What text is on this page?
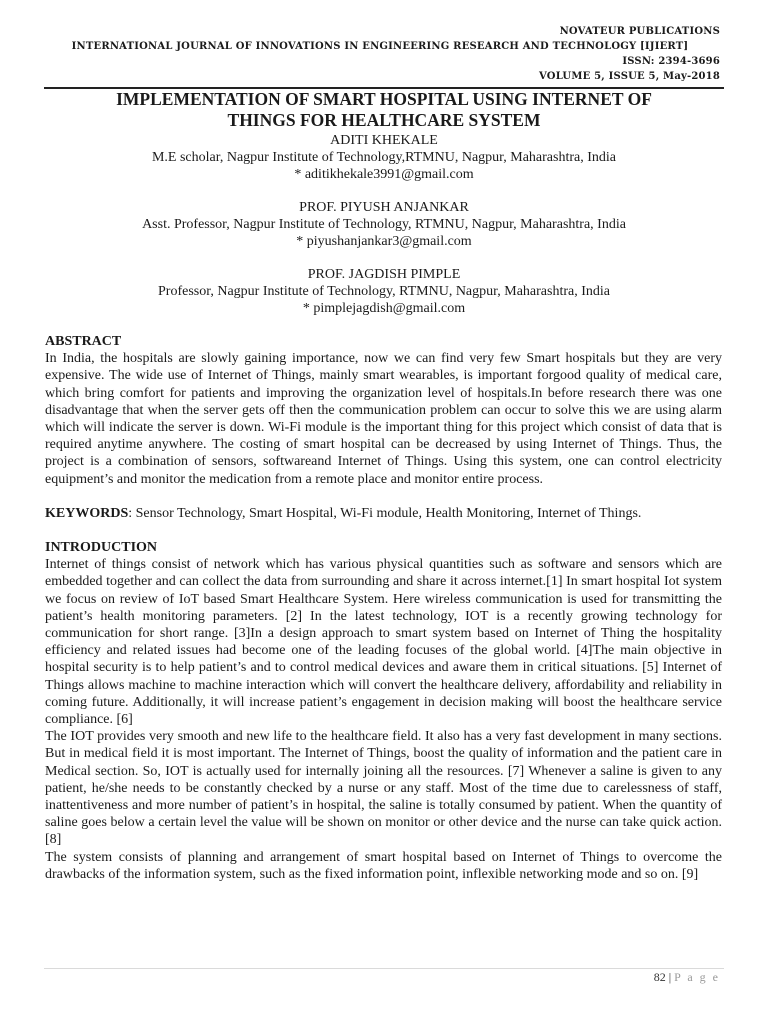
NOVATEUR PUBLICATIONS
INTERNATIONAL JOURNAL OF INNOVATIONS IN ENGINEERING RESEARCH AND TECHNOLOGY [IJIERT]
ISSN: 2394-3696
VOLUME 5, ISSUE 5, May-2018
IMPLEMENTATION OF SMART HOSPITAL USING INTERNET OF
THINGS FOR HEALTHCARE SYSTEM
ADITI KHEKALE
M.E scholar, Nagpur Institute of Technology,RTMNU, Nagpur, Maharashtra, India
* aditikhekale3991@gmail.com
PROF. PIYUSH ANJANKAR
Asst. Professor, Nagpur Institute of Technology, RTMNU, Nagpur, Maharashtra, India
* piyushanjankar3@gmail.com
PROF. JAGDISH PIMPLE
Professor, Nagpur Institute of Technology, RTMNU, Nagpur, Maharashtra, India
* pimplejagdish@gmail.com
ABSTRACT

In India, the hospitals are slowly gaining importance, now we can find very few Smart hospitals but they are very expensive. The wide use of Internet of Things, mainly smart wearables, is important forgood quality of medical care, which bring comfort for patients and improving the organization level of hospitals.In before research there was one disadvantage that when the server gets off then the communication problem can occur to solve this we are using alarm which will indicate the server is down. Wi-Fi module is the important thing for this project which consist of data that is required anytime anywhere. The costing of smart hospital can be decreased by using Internet of Things. Thus, the project is a combination of sensors, softwareand Internet of Things. Using this system, one can control electricity equipment’s and monitor the medication from a remote place and monitor entire process.

KEYWORDS: Sensor Technology, Smart Hospital, Wi-Fi module, Health Monitoring, Internet of Things.

INTRODUCTION

Internet of things consist of network which has various physical quantities such as software and sensors which are embedded together and can collect the data from surrounding and share it across internet.[1] In smart hospital Iot system we focus on review of IoT based Smart Healthcare System. Here wireless communication is used for transmitting the patient’s health monitoring parameters. [2] In the latest technology, IOT is a recently growing technology for communication for short range. [3]In a design approach to smart system based on Internet of Thing the hospitality efficiency and related issues had become one of the leading focuses of the global world. [4]The main objective in hospital security is to help patient’s and to control medical devices and aware them in critical situations. [5] Internet of Things allows machine to machine interaction which will convert the healthcare delivery, affordability and reliability in coming future. Additionally, it will increase patient’s engagement in decision making will boost the healthcare service compliance. [6]

The IOT provides very smooth and new life to the healthcare field. It also has a very fast development in many sections. But in medical field it is most important. The Internet of Things, boost the quality of information and the patient care in Medical section. So, IOT is actually used for internally joining all the resources. [7] Whenever a saline is given to any patient, he/she needs to be constantly checked by a nurse or any staff. Most of the time due to carelessness of staff, inattentiveness and more number of patient’s in hospital, the saline is totally consumed by patient. When the quantity of saline goes below a certain level the value will be shown on monitor or other device and the nurse can take quick action. [8]

The system consists of planning and arrangement of smart hospital based on Internet of Things to overcome the drawbacks of the information system, such as the fixed information point, inflexible networking mode and so on. [9]

82 | P a g e
